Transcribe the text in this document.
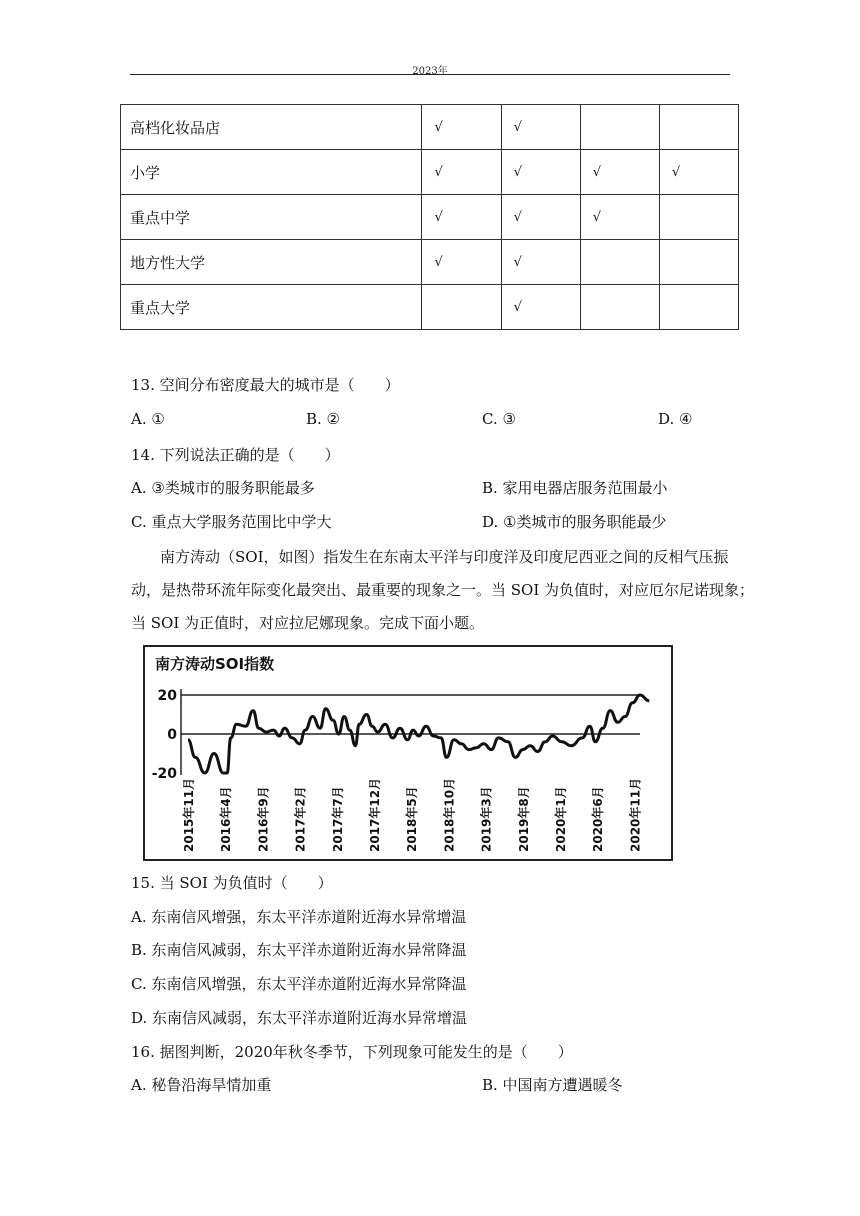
2023年
高档化妆品店	√	√		
小学	√	√	√	√
重点中学	√	√	√	
地方性大学	√	√		
重点大学		√		
13. 空间分布密度最大的城市是（　　）
A. ①	B. ②	C. ③	D. ④
14. 下列说法正确的是（　　）
A. ③类城市的服务职能最多	B. 家用电器店服务范围最小
C. 重点大学服务范围比中学大	D. ①类城市的服务职能最少
南方涛动（SOI，如图）指发生在东南太平洋与印度洋及印度尼西亚之间的反相气压振
动，是热带环流年际变化最突出、最重要的现象之一。当 SOI 为负值时，对应厄尔尼诺现象；
当 SOI 为正值时，对应拉尼娜现象。完成下面小题。
南方涛动SOI指数
20
0
-20
2015年11月 2016年4月 2016年9月 2017年2月 2017年7月 2017年12月 2018年5月 2018年10月 2019年3月 2019年8月 2020年1月 2020年6月 2020年11月
15. 当 SOI 为负值时（　　）
A. 东南信风增强，东太平洋赤道附近海水异常增温
B. 东南信风减弱，东太平洋赤道附近海水异常降温
C. 东南信风增强，东太平洋赤道附近海水异常降温
D. 东南信风减弱，东太平洋赤道附近海水异常增温
16. 据图判断，2020年秋冬季节，下列现象可能发生的是（　　）
A. 秘鲁沿海旱情加重	B. 中国南方遭遇暖冬
